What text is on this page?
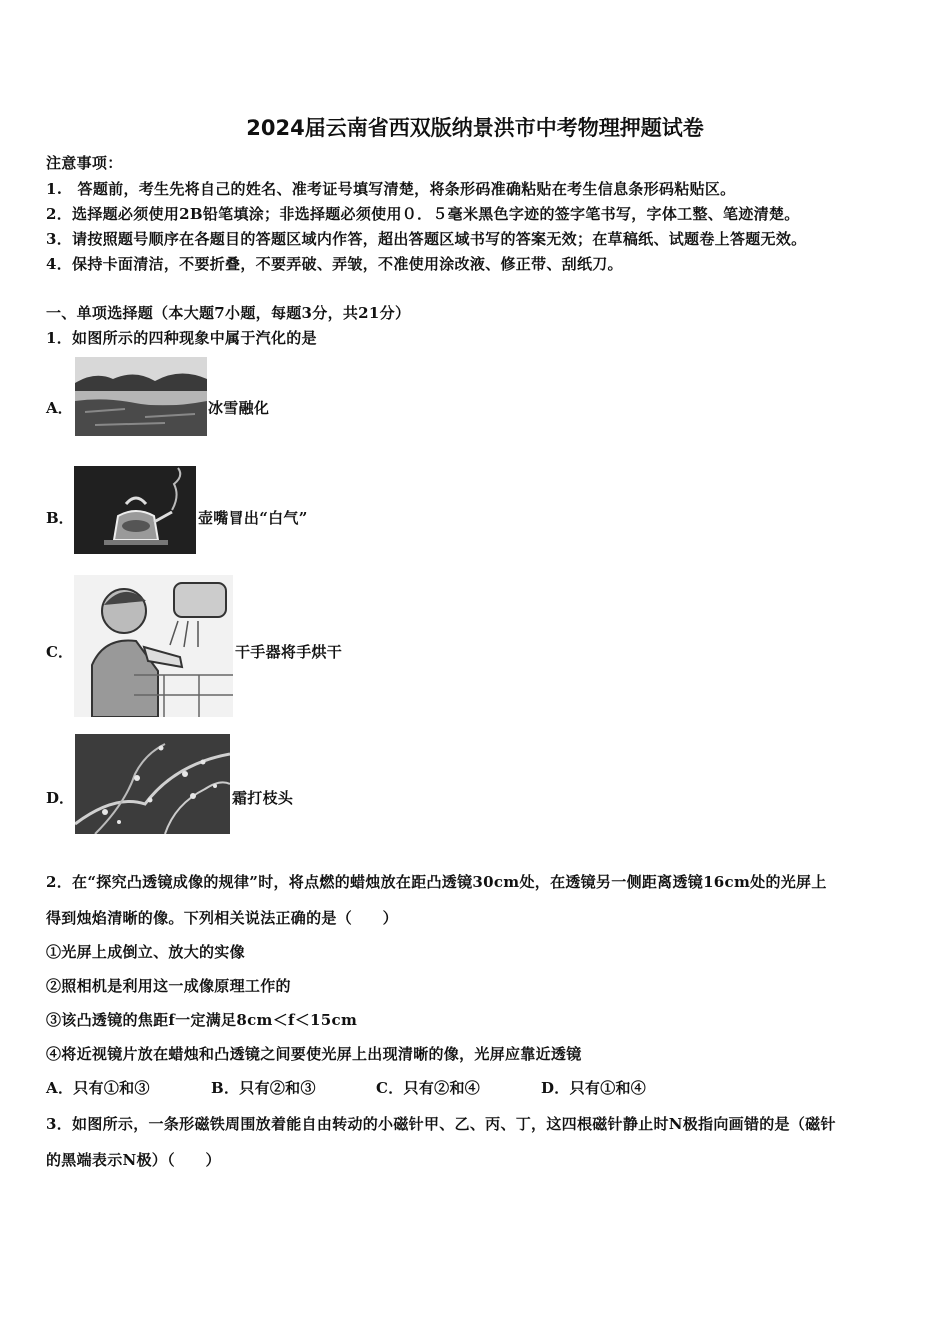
2024届云南省西双版纳景洪市中考物理押题试卷
注意事项：
1.　答题前，考生先将自己的姓名、准考证号填写清楚，将条形码准确粘贴在考生信息条形码粘贴区。
2．选择题必须使用2B铅笔填涂；非选择题必须使用０．５毫米黑色字迹的签字笔书写，字体工整、笔迹清楚。
3．请按照题号顺序在各题目的答题区域内作答，超出答题区域书写的答案无效；在草稿纸、试题卷上答题无效。
4．保持卡面清洁，不要折叠，不要弄破、弄皱，不准使用涂改液、修正带、刮纸刀。
一、单项选择题（本大题7小题，每题3分，共21分）
1．如图所示的四种现象中属于汽化的是
A．	冰雪融化
B．	壶嘴冒出“白气”
C．	干手器将手烘干
D．	霜打枝头
2．在“探究凸透镜成像的规律”时，将点燃的蜡烛放在距凸透镜30cm处，在透镜另一侧距离透镜16cm处的光屏上
得到烛焰清晰的像。下列相关说法正确的是（　　）
①光屏上成倒立、放大的实像
②照相机是利用这一成像原理工作的
③该凸透镜的焦距f一定满足8cm＜f＜15cm
④将近视镜片放在蜡烛和凸透镜之间要使光屏上出现清晰的像，光屏应靠近透镜
A．只有①和③	B．只有②和③	C．只有②和④	D．只有①和④
3．如图所示，一条形磁铁周围放着能自由转动的小磁针甲、乙、丙、丁，这四根磁针静止时N极指向画错的是（磁针
的黑端表示N极）（　　）
